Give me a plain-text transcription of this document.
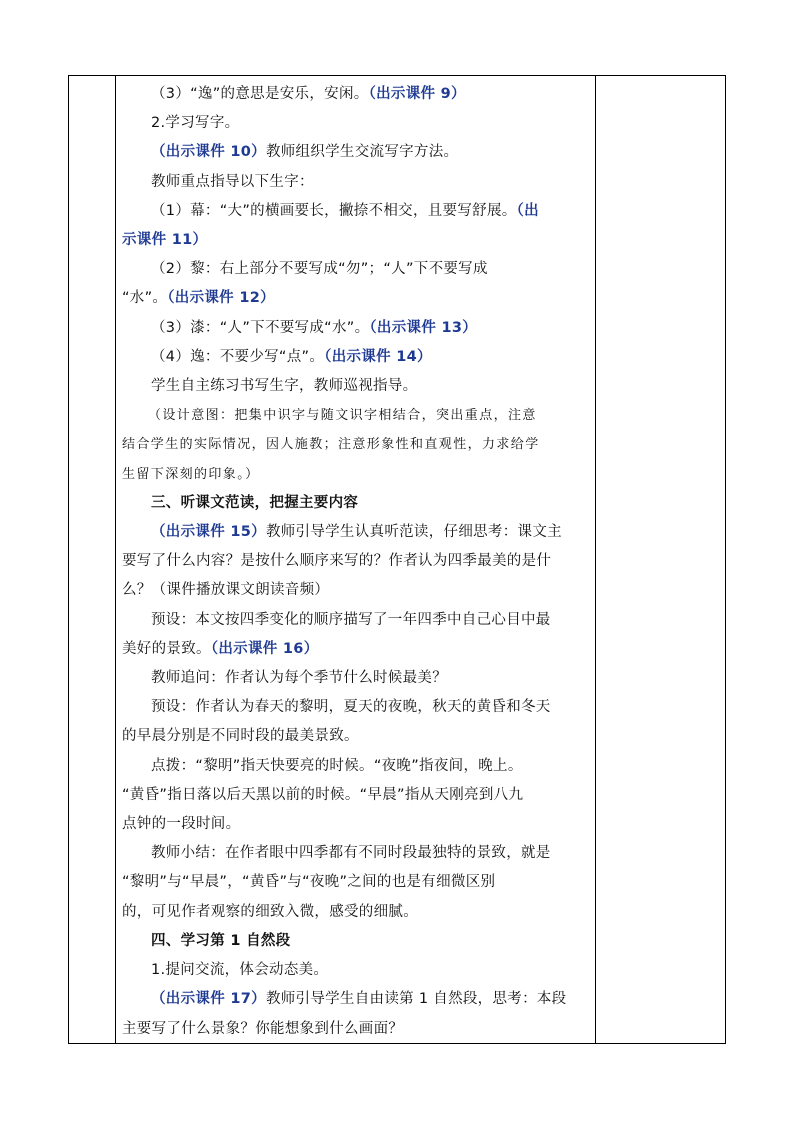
（3）“逸”的意思是安乐，安闲。（出示课件 9）

2.学习写字。

（出示课件 10）教师组织学生交流写字方法。

教师重点指导以下生字：

（1）幕：“大”的横画要长，撇捺不相交，且要写舒展。（出
示课件 11）

（2）黎：右上部分不要写成“勿”；“人”下不要写成
“水”。（出示课件 12）

（3）漆：“人”下不要写成“水”。（出示课件 13）

（4）逸：不要少写“点”。（出示课件 14）

学生自主练习书写生字，教师巡视指导。

（设计意图：把集中识字与随文识字相结合，突出重点，注意
结合学生的实际情况，因人施教；注意形象性和直观性，力求给学
生留下深刻的印象。）

三、听课文范读，把握主要内容

（出示课件 15）教师引导学生认真听范读，仔细思考：课文主
要写了什么内容？是按什么顺序来写的？作者认为四季最美的是什
么？（课件播放课文朗读音频）

预设：本文按四季变化的顺序描写了一年四季中自己心目中最
美好的景致。（出示课件 16）

教师追问：作者认为每个季节什么时候最美？

预设：作者认为春天的黎明，夏天的夜晚，秋天的黄昏和冬天
的早晨分别是不同时段的最美景致。

点拨：“黎明”指天快要亮的时候。“夜晚”指夜间，晚上。
“黄昏”指日落以后天黑以前的时候。“早晨”指从天刚亮到八九
点钟的一段时间。

教师小结：在作者眼中四季都有不同时段最独特的景致，就是
“黎明”与“早晨”，“黄昏”与“夜晚”之间的也是有细微区别
的，可见作者观察的细致入微，感受的细腻。

四、学习第 1 自然段

1.提问交流，体会动态美。

（出示课件 17）教师引导学生自由读第 1 自然段，思考：本段
主要写了什么景象？你能想象到什么画面？
